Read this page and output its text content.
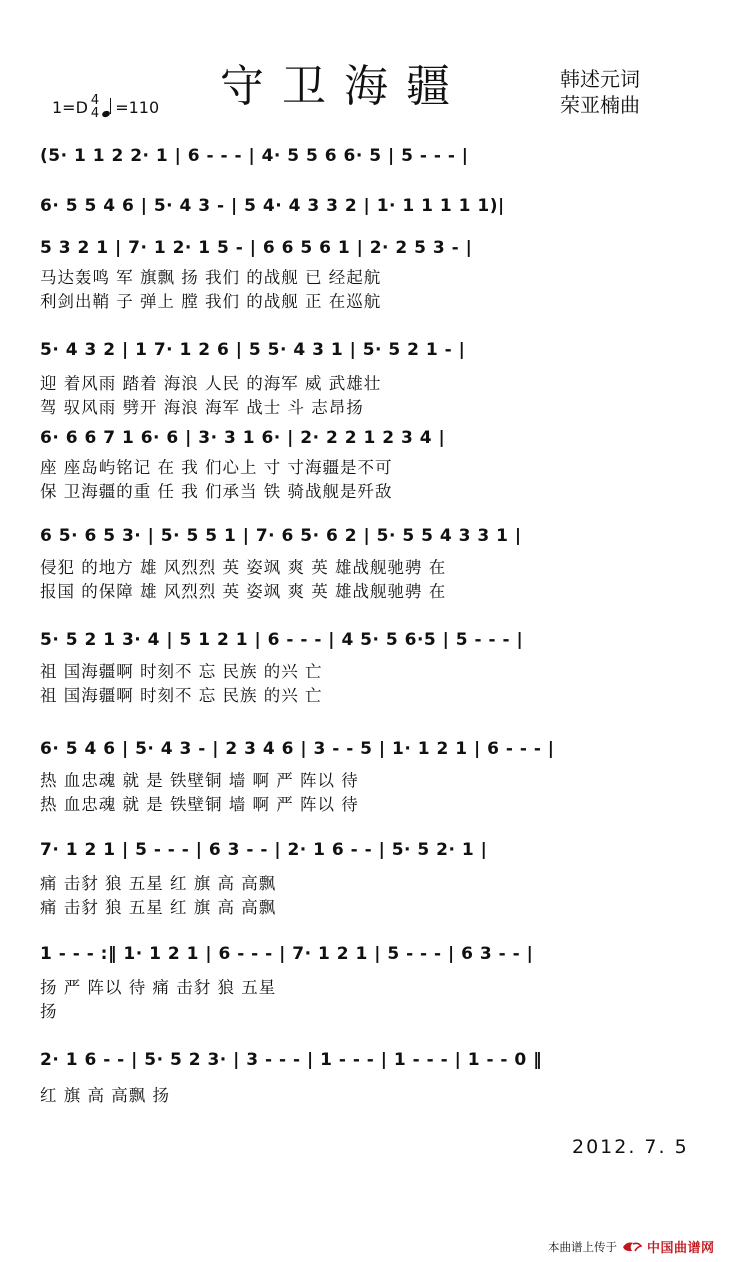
守卫海疆	韩述元词
荣亚楠曲
1=D 4
4 =110
(5· 1 1 2 2· 1 | 6 - - - | 4· 5 5 6 6· 5 | 5 - - - |
6· 5 5 4 6 | 5· 4 3 - | 5 4· 4 3 3 2 | 1· 1 1 1 1 1)|
5 3 2 1 | 7· 1 2· 1 5 - | 6 6 5 6 1 | 2· 2 5 3 - |
马达轰鸣 军 旗飘 扬 我们 的战舰 已 经起航
利剑出鞘 子 弹上 膛 我们 的战舰 正 在巡航
5· 4 3 2 | 1 7· 1 2 6 | 5 5· 4 3 1 | 5· 5 2 1 - |
迎 着风雨 踏着 海浪 人民 的海军 威 武雄壮
驾 驭风雨 劈开 海浪 海军 战士 斗 志昂扬
6· 6 6 7 1 6· 6 | 3· 3 1 6· | 2· 2 2 1 2 3 4 |
座 座岛屿铭记 在 我 们心上 寸 寸海疆是不可
保 卫海疆的重 任 我 们承当 铁 骑战舰是歼敌
6 5· 6 5 3· | 5· 5 5 1 | 7· 6 5· 6 2 | 5· 5 5 4 3 3 1 |
侵犯 的地方 雄 风烈烈 英 姿飒 爽 英 雄战舰驰骋 在
报国 的保障 雄 风烈烈 英 姿飒 爽 英 雄战舰驰骋 在
5· 5 2 1 3· 4 | 5 1 2 1 | 6 - - - | 4 5· 5 6·5 | 5 - - - |
祖 国海疆啊 时刻不 忘 民族 的兴 亡
祖 国海疆啊 时刻不 忘 民族 的兴 亡
6· 5 4 6 | 5· 4 3 - | 2 3 4 6 | 3 - - 5 | 1· 1 2 1 | 6 - - - |
热 血忠魂 就 是 铁壁铜 墙 啊 严 阵以 待
热 血忠魂 就 是 铁壁铜 墙 啊 严 阵以 待
7· 1 2 1 | 5 - - - | 6 3 - - | 2· 1 6 - - | 5· 5 2· 1 |
痛 击豺 狼 五星 红 旗 高 高飘
痛 击豺 狼 五星 红 旗 高 高飘
1 - - - :‖ 1· 1 2 1 | 6 - - - | 7· 1 2 1 | 5 - - - | 6 3 - - |
扬 严 阵以 待 痛 击豺 狼 五星
扬
2· 1 6 - - | 5· 5 2 3· | 3 - - - | 1 - - - | 1 - - - | 1 - - 0 ‖
红 旗 高 高飘 扬
2012. 7. 5
本曲谱上传于 中国曲谱网
